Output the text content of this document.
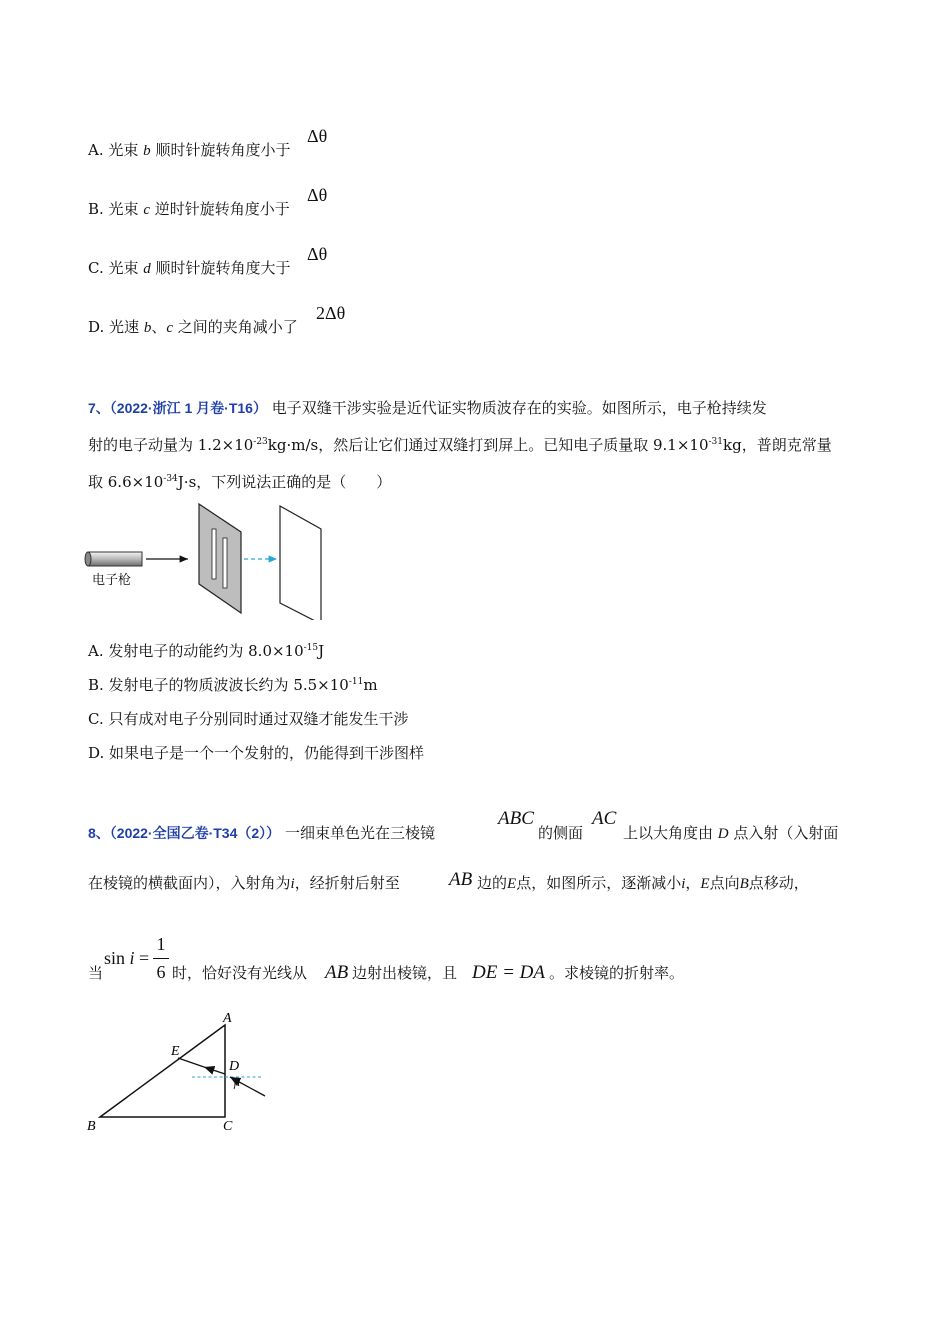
A. 光束 b 顺时针旋转角度小于
Δθ
B. 光束 c 逆时针旋转角度小于
Δθ
C. 光束 d 顺时针旋转角度大于
Δθ
D. 光速 b、c 之间的夹角减小了
2Δθ
7、（2022·浙江 1 月卷·T16） 电子双缝干涉实验是近代证实物质波存在的实验。如图所示，电子枪持续发
射的电子动量为 $1.2\times 10^{-23}kg\cdot m/s$，然后让它们通过双缝打到屏上。已知电子质量取 $9.1\times 10^{-31}kg$，普朗克常量
取 $6.6\times 10^{-34}J\cdot s$，下列说法正确的是（　　）
电子枪
A. 发射电子的动能约为 $8.0\times 10^{-15}J$
B. 发射电子的物质波波长约为 $5.5\times 10^{-11}m$
C. 只有成对电子分别同时通过双缝才能发生干涉
D. 如果电子是一个一个发射的，仍能得到干涉图样
8、（2022·全国乙卷·T34（2）） 一细束单色光在三棱镜
ABC
的侧面
AC
上以大角度由 D 点入射（入射面
在棱镜的横截面内），入射角为i，经折射后射至	AB 边的E点，如图所示，逐渐减小i，E点向B点移动，
当
sin i =
1
6 时，恰好没有光线从 AB 边射出棱镜，且 DE = DA 。求棱镜的折射率。
A
B	C
D
E
i
